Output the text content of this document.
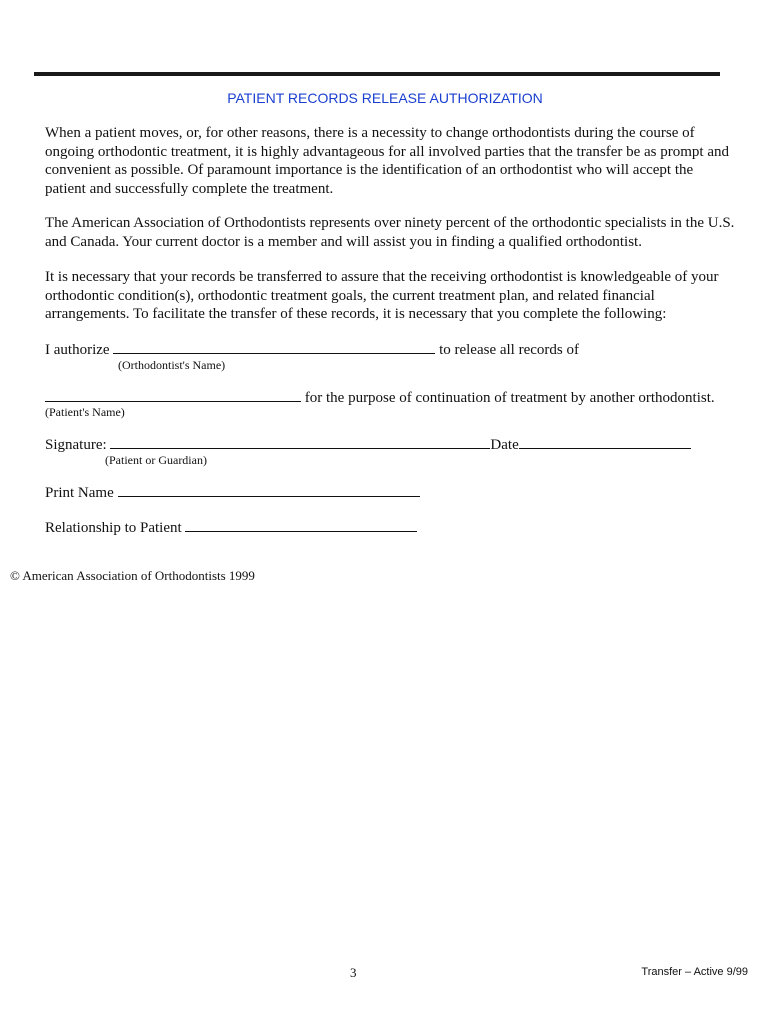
PATIENT RECORDS RELEASE AUTHORIZATION

When a patient moves, or, for other reasons, there is a necessity to change orthodontists during the course of ongoing orthodontic treatment, it is highly advantageous for all involved parties that the transfer be as prompt and convenient as possible. Of paramount importance is the identification of an orthodontist who will accept the patient and successfully complete the treatment.

The American Association of Orthodontists represents over ninety percent of the orthodontic specialists in the U.S. and Canada. Your current doctor is a member and will assist you in finding a qualified orthodontist.

It is necessary that your records be transferred to assure that the receiving orthodontist is knowledgeable of your orthodontic condition(s), orthodontic treatment goals, the current treatment plan, and related financial arrangements. To facilitate the transfer of these records, it is necessary that you complete the following:

I authorize	to release all records of
(Orthodontist's Name)
for the purpose of continuation of treatment by another orthodontist.
(Patient's Name)
Signature:	Date
(Patient or Guardian)
Print Name
Relationship to Patient
© American Association of Orthodontists 1999
3	Transfer – Active 9/99
